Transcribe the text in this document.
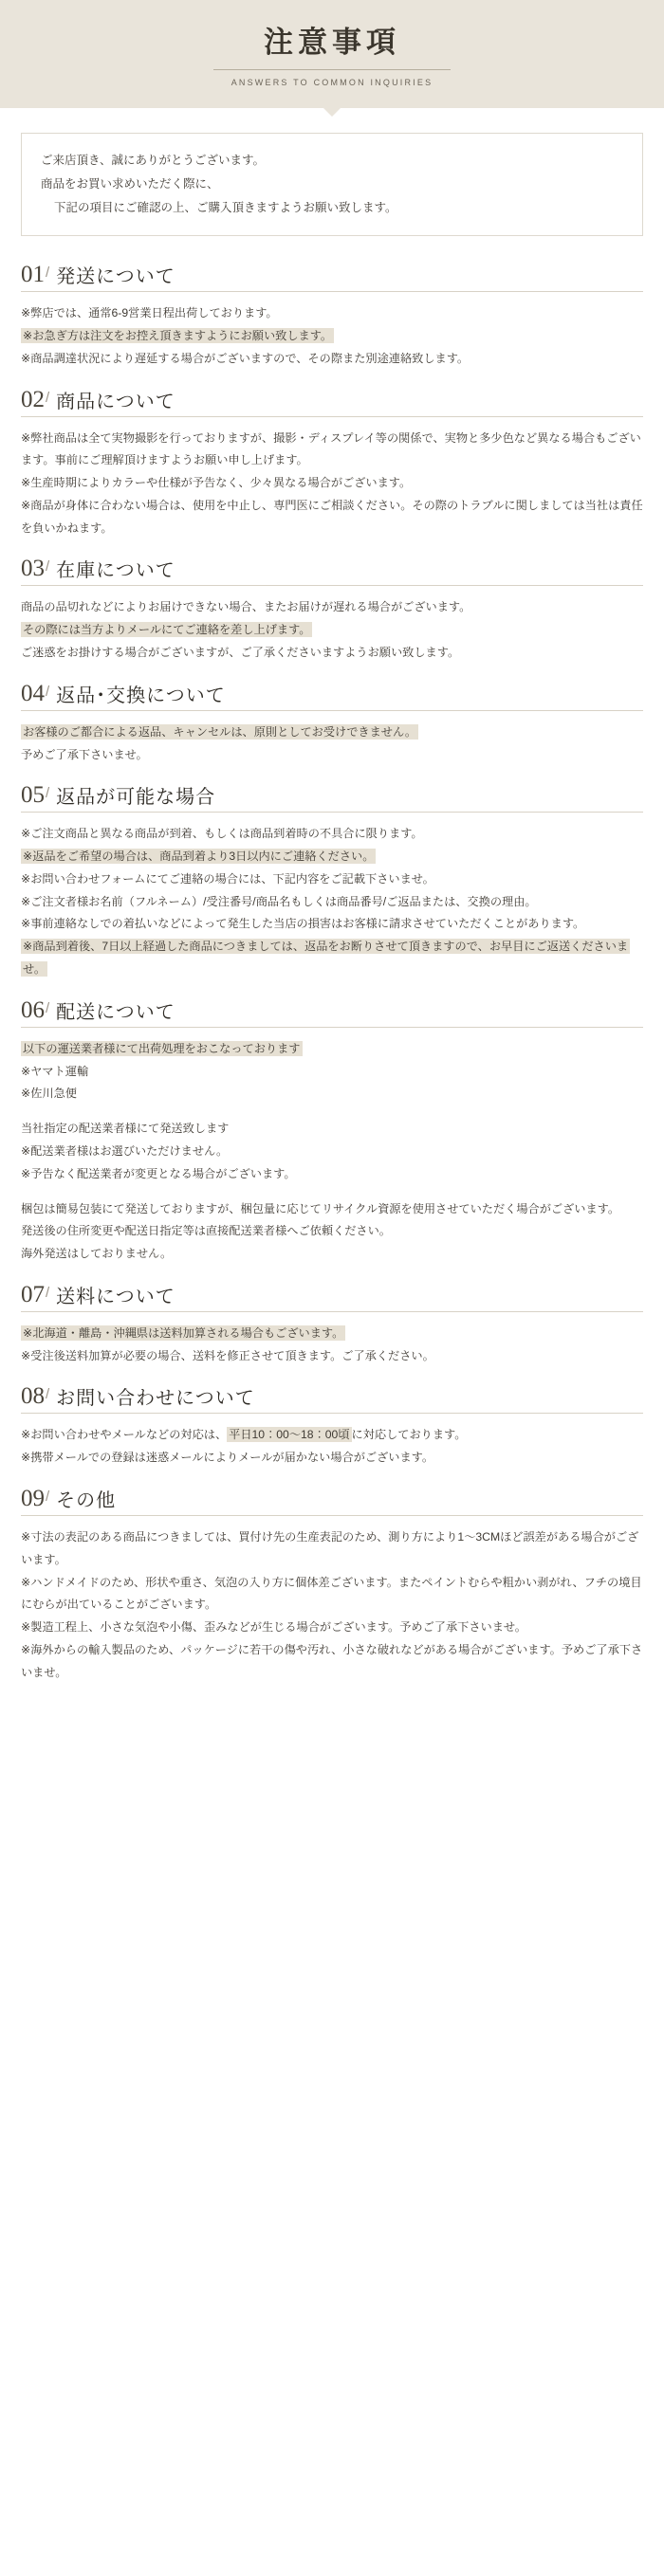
注意事項
ANSWERS TO COMMON INQUIRIES

ご来店頂き、誠にありがとうございます。

商品をお買い求めいただく際に、

下記の項目にご確認の上、ご購入頂きますようお願い致します。

01 / 発送について

※弊店では、通常6-9営業日程出荷しております。

※お急ぎ方は注文をお控え頂きますようにお願い致します。

※商品調達状況により遅延する場合がございますので、その際また別途連絡致します。

02 / 商品について

※弊社商品は全て実物撮影を行っておりますが、撮影・ディスプレイ等の関係で、実物と多少色など異なる場合もございます。事前にご理解頂けますようお願い申し上げます。

※生産時期によりカラーや仕様が予告なく、少々異なる場合がございます。

※商品が身体に合わない場合は、使用を中止し、専門医にご相談ください。その際のトラブルに関しましては当社は責任を負いかねます。

03 / 在庫について

商品の品切れなどによりお届けできない場合、またお届けが遅れる場合がございます。

その際には当方よりメールにてご連絡を差し上げます。

ご迷惑をお掛けする場合がございますが、ご了承くださいますようお願い致します。

04 / 返品･交換について

お客様のご都合による返品、キャンセルは、原則としてお受けできません。

予めご了承下さいませ。

05 / 返品が可能な場合

※ご注文商品と異なる商品が到着、もしくは商品到着時の不具合に限ります。

※返品をご希望の場合は、商品到着より3日以内にご連絡ください。

※お問い合わせフォームにてご連絡の場合には、下記内容をご記載下さいませ。

※ご注文者様お名前（フルネーム）/受注番号/商品名もしくは商品番号/ご返品または、交換の理由。

※事前連絡なしでの着払いなどによって発生した当店の損害はお客様に請求させていただくことがあります。

※商品到着後、7日以上経過した商品につきましては、返品をお断りさせて頂きますので、お早目にご返送くださいませ。

06 / 配送について

以下の運送業者様にて出荷処理をおこなっております

※ヤマト運輸

※佐川急便

当社指定の配送業者様にて発送致します

※配送業者様はお選びいただけません。

※予告なく配送業者が変更となる場合がございます。

梱包は簡易包装にて発送しておりますが、梱包量に応じてリサイクル資源を使用させていただく場合がございます。

発送後の住所変更や配送日指定等は直接配送業者様へご依頼ください。

海外発送はしておりません。

07 / 送料について

※北海道・離島・沖縄県は送料加算される場合もございます。

※受注後送料加算が必要の場合、送料を修正させて頂きます。ご了承ください。

08 / お問い合わせについて

※お問い合わせやメールなどの対応は、 平日10：00～18：00頃 に対応しております。

※携帯メールでの登録は迷惑メールによりメールが届かない場合がございます。

09 / その他

※寸法の表記のある商品につきましては、買付け先の生産表記のため、測り方により1～3CMほど誤差がある場合がございます。

※ハンドメイドのため、形状や重さ、気泡の入り方に個体差ございます。またペイントむらや粗かい剥がれ、フチの境目にむらが出ていることがございます。

※製造工程上、小さな気泡や小傷、歪みなどが生じる場合がございます。予めご了承下さいませ。

※海外からの輸入製品のため、パッケージに若干の傷や汚れ、小さな破れなどがある場合がございます。予めご了承下さいませ。
